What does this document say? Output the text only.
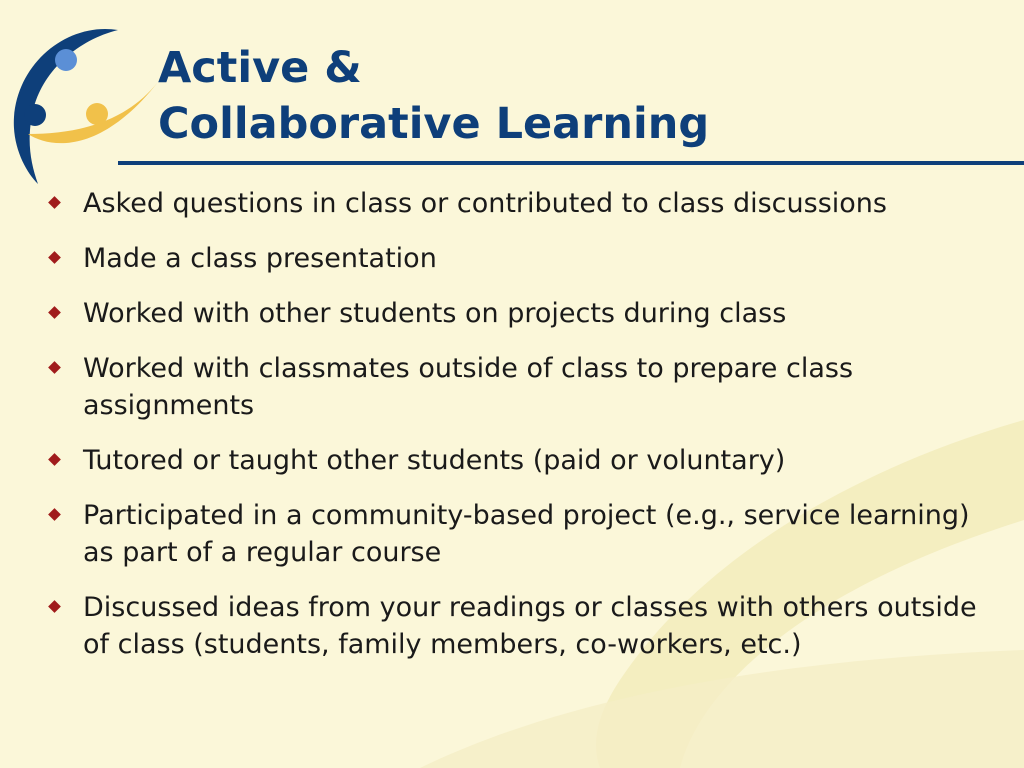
Active &
Collaborative Learning
Asked questions in class or contributed to class discussions
Made a class presentation
Worked with other students on projects during class
Worked with classmates outside of class to prepare class assignments
Tutored or taught other students (paid or voluntary)
Participated in a community-based project (e.g., service learning) as part of a regular course
Discussed ideas from your readings or classes with others outside of class (students, family members, co-workers, etc.)
